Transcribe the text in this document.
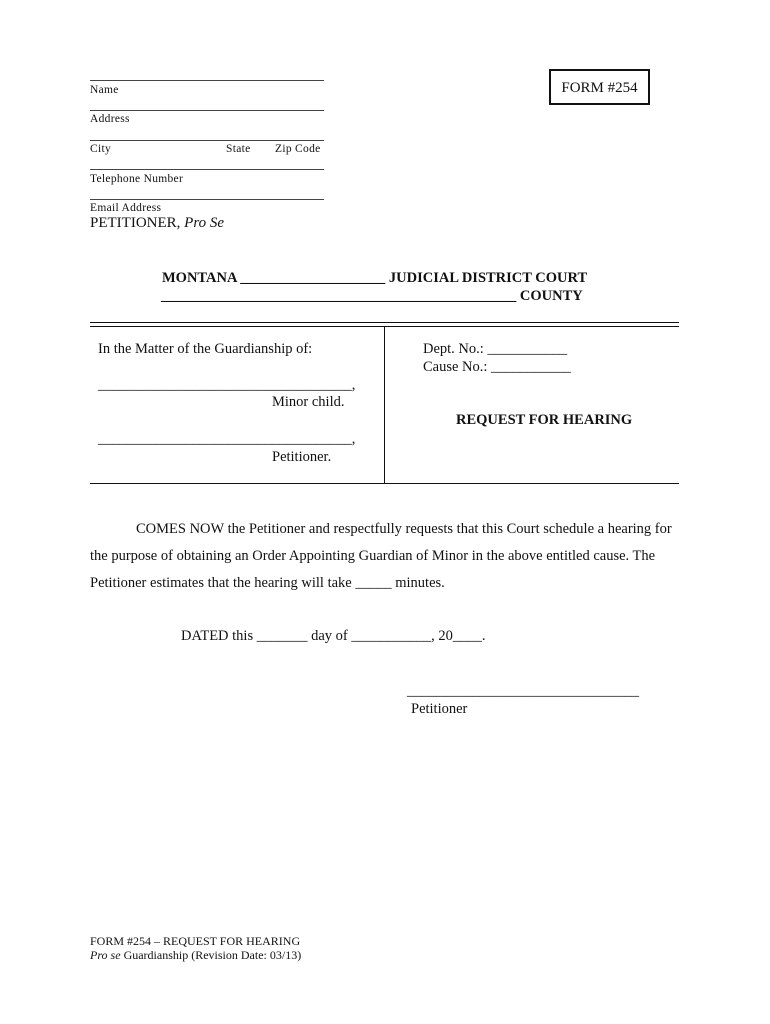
FORM #254
Name
Address
City	State Zip Code
Telephone Number
Email Address
PETITIONER, Pro Se
MONTANA ____________________ JUDICIAL DISTRICT COURT
_________________________________________________ COUNTY
In the Matter of the Guardianship of:
___________________________________,
Minor child.
___________________________________,
Petitioner.
Dept. No.: ___________
Cause No.: ___________
REQUEST FOR HEARING
COMES NOW the Petitioner and respectfully requests that this Court schedule a hearing for
the purpose of obtaining an Order Appointing Guardian of Minor in the above entitled cause. The
Petitioner estimates that the hearing will take _____ minutes.
DATED this _______ day of ___________, 20____.
________________________________
Petitioner
FORM #254 – REQUEST FOR HEARING
Pro se Guardianship (Revision Date: 03/13)
